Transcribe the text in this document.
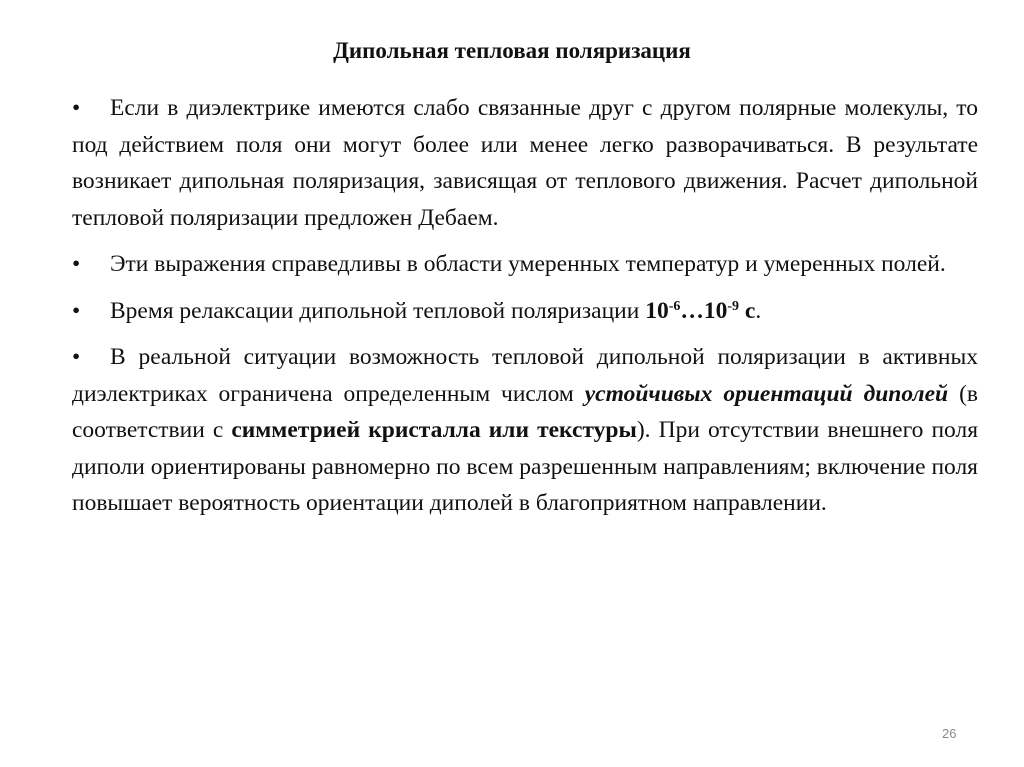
Дипольная тепловая поляризация

• Если в диэлектрике имеются слабо связанные друг с другом полярные молекулы, то под действием поля они могут более или менее легко разворачиваться. В результате возникает дипольная поляризация, зависящая от теплового движения. Расчет дипольной тепловой поляризации предложен Дебаем.

• Эти выражения справедливы в области умеренных температур и умеренных полей.

• Время релаксации дипольной тепловой поляризации $10^{-6}\dots 10^{-9}$ с.

• В реальной ситуации возможность тепловой дипольной поляризации в активных диэлектриках ограничена определенным числом устойчивых ориентаций диполей (в соответствии с симметрией кристалла или текстуры). При отсутствии внешнего поля диполи ориентированы равномерно по всем разрешенным направлениям; включение поля повышает вероятность ориентации диполей в благоприятном направлении.

26
